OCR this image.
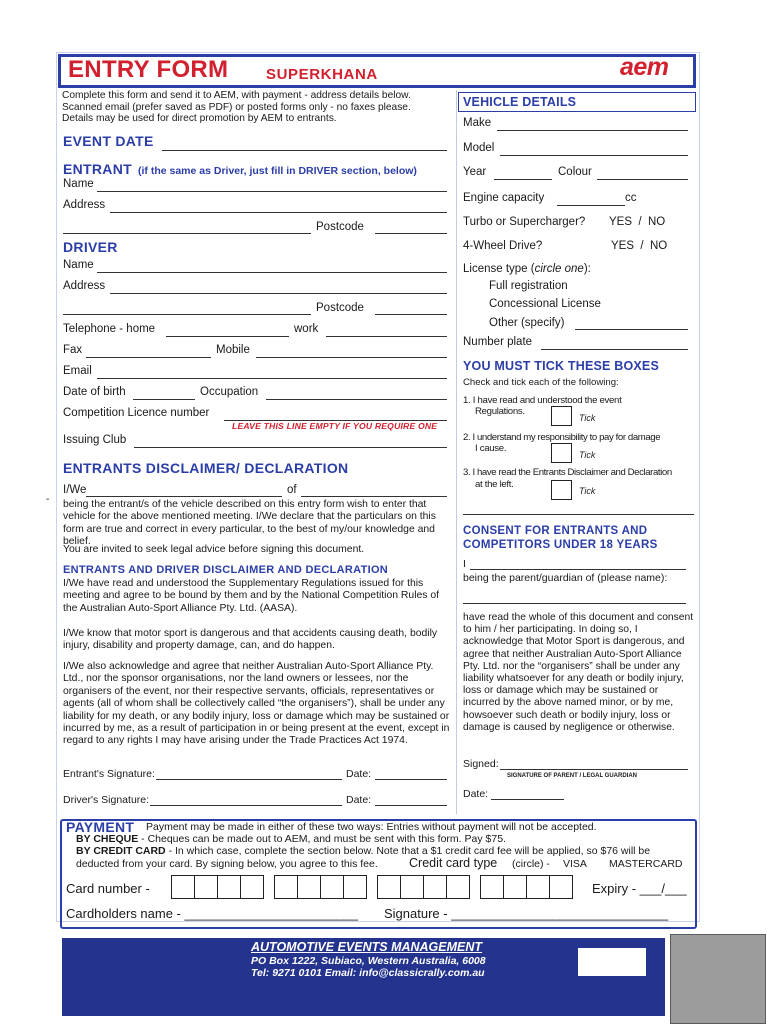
ENTRY FORM	SUPERKHANA	aem
Complete this form and send it to AEM, with payment - address details below.
Scanned email (prefer saved as PDF) or posted forms only - no faxes please.
Details may be used for direct promotion by AEM to entrants.
EVENT DATE
ENTRANT (if the same as Driver, just fill in DRIVER section, below)
Name
Address
Postcode
DRIVER
Name
Address
Postcode
Telephone - home	work
Fax	Mobile
Email
Date of birth	Occupation
Competition Licence number
LEAVE THIS LINE EMPTY IF YOU REQUIRE ONE
Issuing Club
ENTRANTS DISCLAIMER/ DECLARATION
-
I/We	of
being the entrant/s of the vehicle described on this entry form wish to enter that vehicle for the above mentioned meeting. I/We declare that the particulars on this form are true and correct in every particular, to the best of my/our knowledge and belief.
You are invited to seek legal advice before signing this document.
ENTRANTS AND DRIVER DISCLAIMER AND DECLARATION
I/We have read and understood the Supplementary Regulations issued for this meeting and agree to be bound by them and by the National Competition Rules of the Australian Auto-Sport Alliance Pty. Ltd. (AASA).
I/We know that motor sport is dangerous and that accidents causing death, bodily injury, disability and property damage, can, and do happen.
I/We also acknowledge and agree that neither Australian Auto-Sport Alliance Pty. Ltd., nor the sponsor organisations, nor the land owners or lessees, nor the organisers of the event, nor their respective servants, officials, representatives or agents (all of whom shall be collectively called “the organisers”), shall be under any liability for my death, or any bodily injury, loss or damage which may be sustained or incurred by me, as a result of participation in or being present at the event, except in regard to any rights I may have arising under the Trade Practices Act 1974.
Entrant's Signature:	Date:
Driver's Signature:	Date:
VEHICLE DETAILS
Make
Model
Year	Colour
Engine capacity	cc
Turbo or Supercharger? YES  /  NO
4-Wheel Drive?	YES  /  NO
License type (circle one):
Full registration
Concessional License
Other (specify)
Number plate
YOU MUST TICK THESE BOXES
Check and tick each of the following:
1. I have read and understood the event
Regulations.
Tick
2. I understand my responsibility to pay for damage
I cause.
Tick
3. I have read the Entrants Disclaimer and Declaration
at the left.
Tick
CONSENT FOR ENTRANTS AND
COMPETITORS UNDER 18 YEARS
I
being the parent/guardian of (please name):
have read the whole of this document and consent to him / her participating. In doing so, I acknowledge that Motor Sport is dangerous, and agree that neither Australian Auto-Sport Alliance Pty. Ltd. nor the “organisers” shall be under any liability whatsoever for any death or bodily injury, loss or damage which may be sustained or incurred by the above named minor, or by me, howsoever such death or bodily injury, loss or damage is caused by negligence or otherwise.
Signed:
SIGNATURE OF PARENT / LEGAL GUARDIAN
Date:
PAYMENT Payment may be made in either of these two ways: Entries without payment will not be accepted.
BY CHEQUE - Cheques can be made out to AEM, and must be sent with this form. Pay $75.
BY CREDIT CARD - In which case, complete the section below. Note that a $1 credit card fee will be applied, so $76 will be
deducted from your card. By signing below, you agree to this fee. Credit card type (circle) - VISA MASTERCARD
Card number -	Expiry - ___/___
Cardholders name - ________________________ Signature - ______________________________
AUTOMOTIVE EVENTS MANAGEMENT
PO Box 1222, Subiaco, Western Australia, 6008
Tel: 9271 0101 Email: info@classicrally.com.au
